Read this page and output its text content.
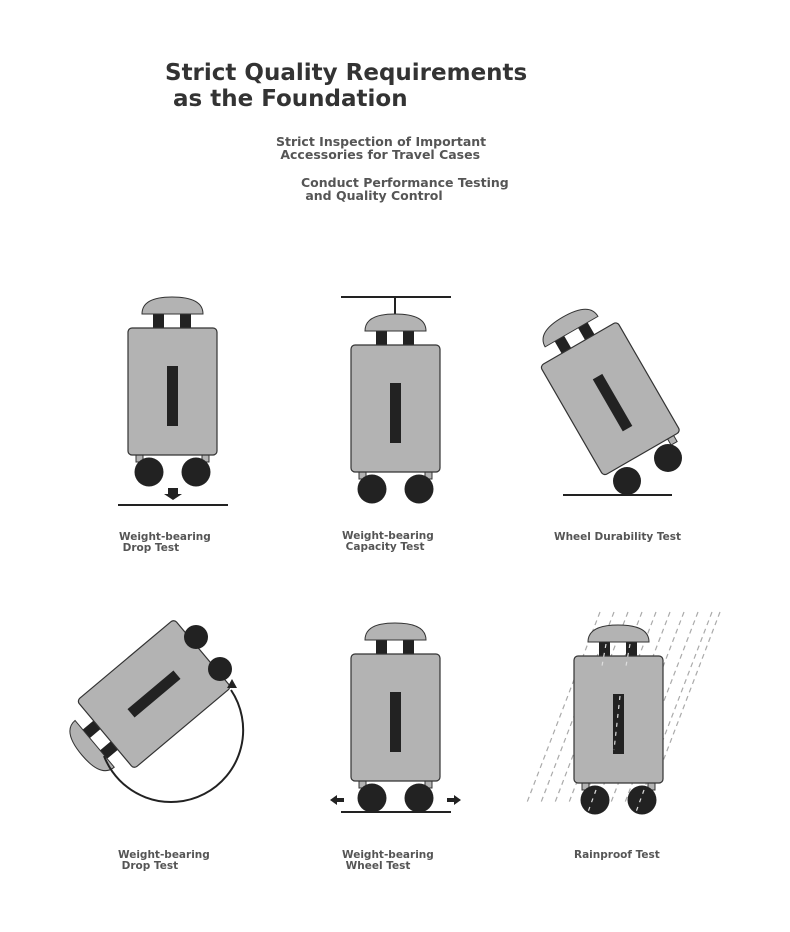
Strict Quality Requirements
as the Foundation

Strict Inspection of Important
Accessories for Travel Cases

Conduct Performance Testing
and Quality Control

Weight-bearing
Drop Test

Weight-bearing
Capacity Test

Wheel Durability Test

Weight-bearing
Drop Test

Weight-bearing
Wheel Test

Rainproof Test
